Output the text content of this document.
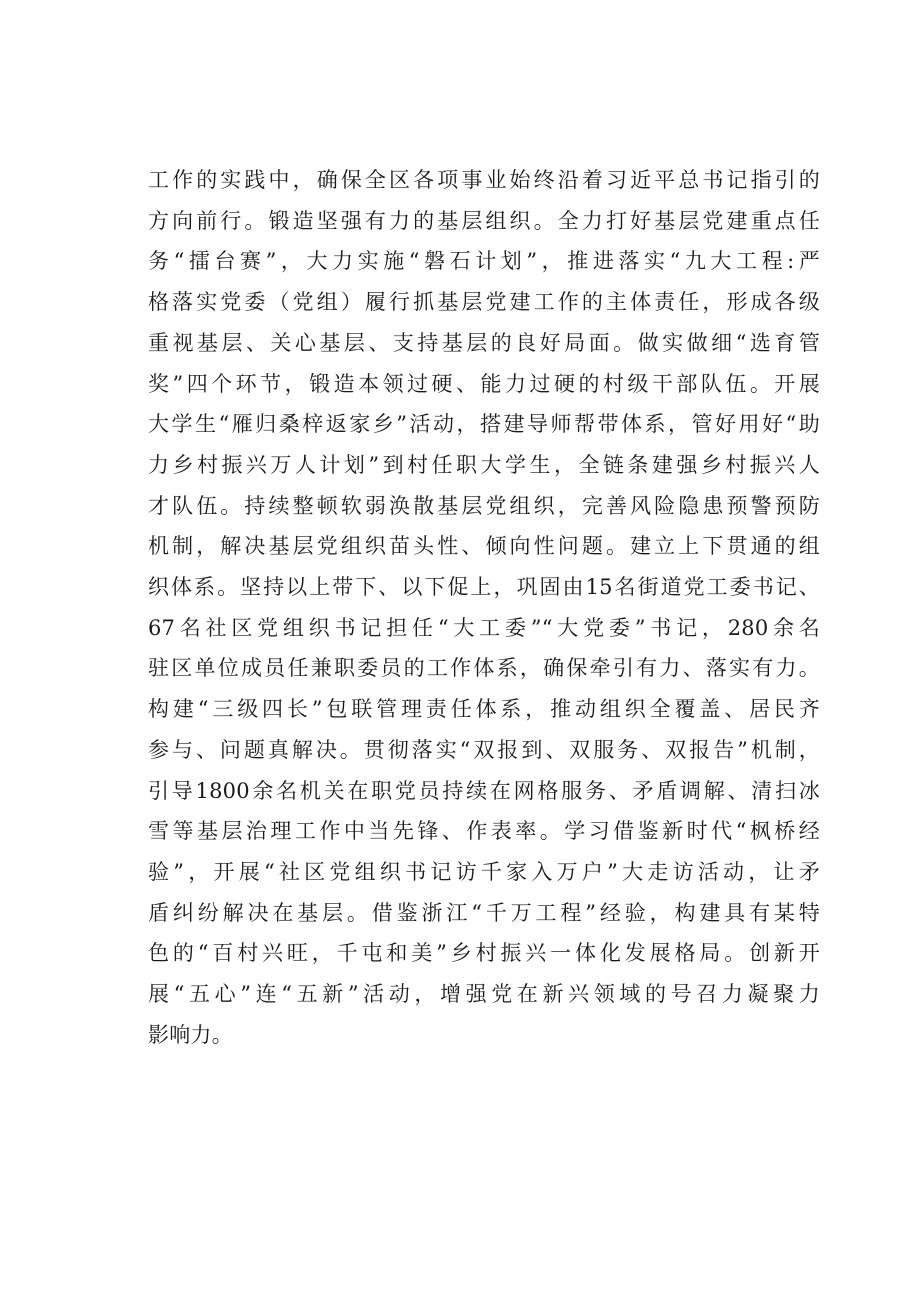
工作的实践中，确保全区各项事业始终沿着习近平总书记指引的
方向前行。锻造坚强有力的基层组织。全力打好基层党建重点任
务“擂台赛”，大力实施“磐石计划”，推进落实“九大工程:严
格落实党委（党组）履行抓基层党建工作的主体责任，形成各级
重视基层、关心基层、支持基层的良好局面。做实做细“选育管
奖”四个环节，锻造本领过硬、能力过硬的村级干部队伍。开展
大学生“雁归桑梓返家乡”活动，搭建导师帮带体系，管好用好“助
力乡村振兴万人计划”到村任职大学生，全链条建强乡村振兴人
才队伍。持续整顿软弱涣散基层党组织，完善风险隐患预警预防
机制，解决基层党组织苗头性、倾向性问题。建立上下贯通的组
织体系。坚持以上带下、以下促上，巩固由15名街道党工委书记、
67名社区党组织书记担任“大工委”“大党委”书记，280余名
驻区单位成员任兼职委员的工作体系，确保牵引有力、落实有力。
构建“三级四长”包联管理责任体系，推动组织全覆盖、居民齐
参与、问题真解决。贯彻落实“双报到、双服务、双报告”机制，
引导1800余名机关在职党员持续在网格服务、矛盾调解、清扫冰
雪等基层治理工作中当先锋、作表率。学习借鉴新时代“枫桥经
验”，开展“社区党组织书记访千家入万户”大走访活动，让矛
盾纠纷解决在基层。借鉴浙江“千万工程”经验，构建具有某特
色的“百村兴旺，千屯和美”乡村振兴一体化发展格局。创新开
展“五心”连“五新”活动，增强党在新兴领域的号召力凝聚力
影响力。
